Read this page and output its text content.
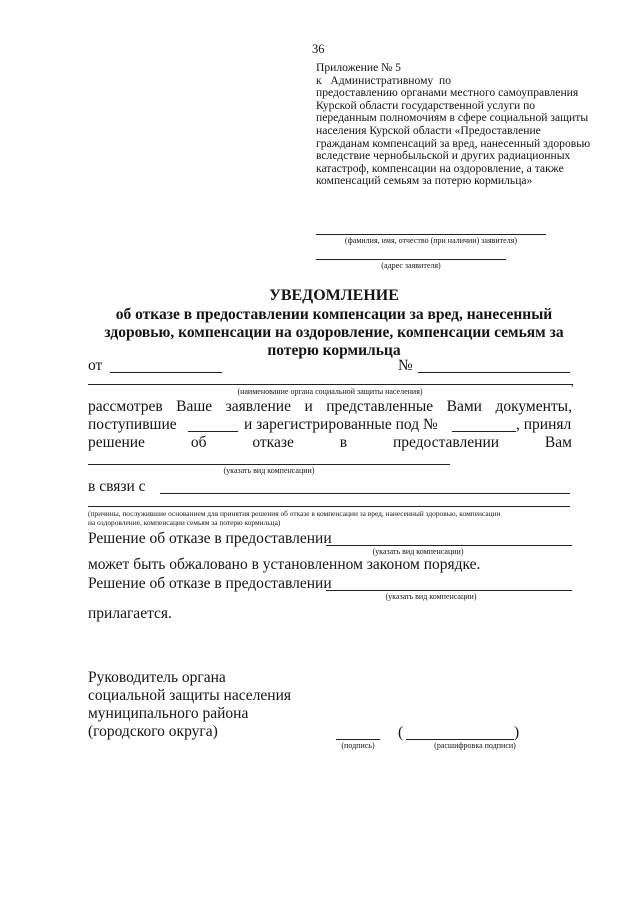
36
Приложение № 5
к   Административному  по
предоставлению органами местного самоуправления
Курской области государственной услуги по
переданным полномочиям в сфере социальной защиты
населения Курской области «Предоставление
гражданам компенсаций за вред, нанесенный здоровью
вследствие чернобыльской и других радиационных
катастроф, компенсации на оздоровление, а также
компенсаций семьям за потерю кормильца»
(фамилия, имя, отчество (при наличии) заявителя)
(адрес заявителя)
УВЕДОМЛЕНИЕ
об отказе в предоставлении компенсации за вред, нанесенный
здоровью, компенсации на оздоровление, компенсации семьям за
потерю кормильца
от	№
,
(наименование органа социальной защиты населения)
рассмотрев Ваше заявление и представленные Вами документы,
поступившие	и зарегистрированные под №	, принял
решение	об	отказе	в	предоставлении	Вам
(указать вид компенсации)
в связи с
(причины, послужившие основанием для принятия решения об отказе в компенсации за вред, нанесенный здоровью, компенсации
на оздоровление, компенсации семьям за потерю кормильца)
Решение об отказе в предоставлении
(указать вид компенсации)
может быть обжаловано в установленном законом порядке.
Решение об отказе в предоставлении
(указать вид компенсации)
прилагается.
Руководитель органа
социальной защиты населения
муниципального района
(городского округа)
(подпись)
(	)
(расшифровка подписи)
